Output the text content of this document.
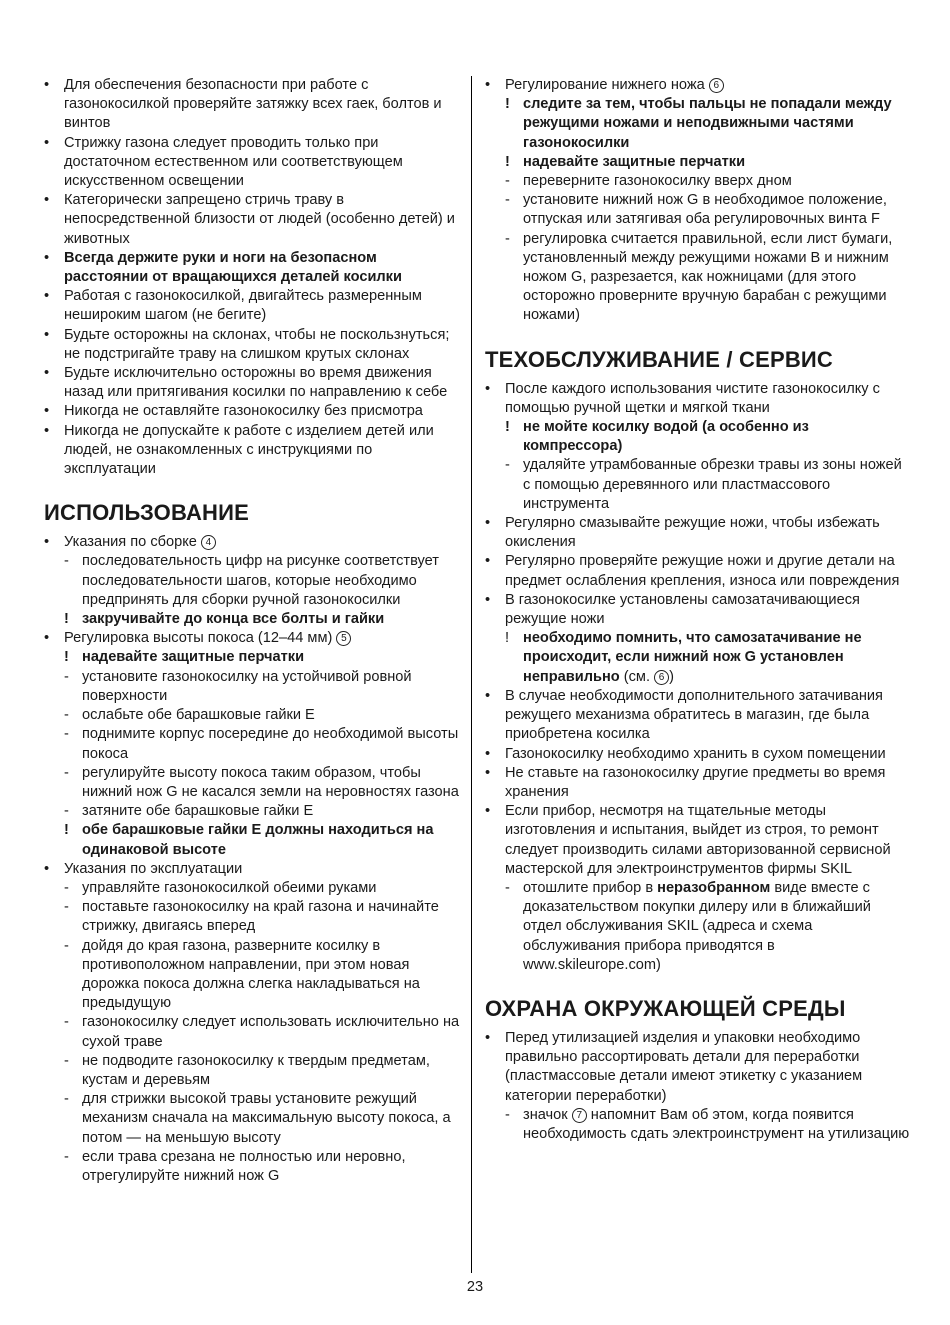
• Для обеспечения безопасности при работе с газонокосилкой проверяйте затяжку всех гаек, болтов и винтов
• Стрижку газона следует проводить только при достаточном естественном или соответствующем искусственном освещении
• Категорически запрещено стричь траву в непосредственной близости от людей (особенно детей) и животных
• Всегда держите руки и ноги на безопасном расстоянии от вращающихся деталей косилки
• Работая с газонокосилкой, двигайтесь размеренным нешироким шагом (не бегите)
• Будьте осторожны на склонах, чтобы не поскользнуться; не подстригайте траву на слишком крутых склонах
• Будьте исключительно осторожны во время движения назад или притягивания косилки по направлению к себе
• Никогда не оставляйте газонокосилку без присмотра
• Никогда не допускайте к работе с изделием детей или людей, не ознакомленных с инструкциями по эксплуатации
ИСПОЛЬЗОВАНИЕ
• Указания по сборке 4
- последовательность цифр на рисунке соответствует последовательности шагов, которые необходимо предпринять для сборки ручной газонокосилки
! закручивайте до конца все болты и гайки
• Регулировка высоты покоса (12–44 мм) 5
! надевайте защитные перчатки
- установите газонокосилку на устойчивой ровной поверхности
- ослабьте обе барашковые гайки E
- поднимите корпус посередине до необходимой высоты покоса
- регулируйте высоту покоса таким образом, чтобы нижний нож G не касался земли на неровностях газона
- затяните обе барашковые гайки E
! обе барашковые гайки E должны находиться на одинаковой высоте
• Указания по эксплуатации
- управляйте газонокосилкой обеими руками
- поставьте газонокосилку на край газона и начинайте стрижку, двигаясь вперед
- дойдя до края газона, разверните косилку в противоположном направлении, при этом новая дорожка покоса должна слегка накладываться на предыдущую
- газонокосилку следует использовать исключительно на сухой траве
- не подводите газонокосилку к твердым предметам, кустам и деревьям
- для стрижки высокой травы установите режущий механизм сначала на максимальную высоту покоса, а потом — на меньшую высоту
- если трава срезана не полностью или неровно, отрегулируйте нижний нож G
• Регулирование нижнего ножа 6
! следите за тем, чтобы пальцы не попадали между режущими ножами и неподвижными частями газонокосилки
! надевайте защитные перчатки
- переверните газонокосилку вверх дном
- установите нижний нож G в необходимое положение, отпуская или затягивая оба регулировочных винта F
- регулировка считается правильной, если лист бумаги, установленный между режущими ножами B и нижним ножом G, разрезается, как ножницами (для этого осторожно проверните вручную барабан с режущими ножами)
ТЕХОБСЛУЖИВАНИЕ / СЕРВИС
• После каждого использования чистите газонокосилку с помощью ручной щетки и мягкой ткани
! не мойте косилку водой (а особенно из компрессора)
- удаляйте утрамбованные обрезки травы из зоны ножей с помощью деревянного или пластмассового инструмента
• Регулярно смазывайте режущие ножи, чтобы избежать окисления
• Регулярно проверяйте режущие ножи и другие детали на предмет ослабления крепления, износа или повреждения
• В газонокосилке установлены самозатачивающиеся режущие ножи
! необходимо помнить, что самозатачивание не происходит, если нижний нож G установлен неправильно (см. 6 )
• В случае необходимости дополнительного затачивания режущего механизма обратитесь в магазин, где была приобретена косилка
• Газонокосилку необходимо хранить в сухом помещении
• Не ставьте на газонокосилку другие предметы во время хранения
• Если прибор, несмотря на тщательные методы изготовления и испытания, выйдет из строя, то ремонт следует производить силами авторизованной сервисной мастерской для электроинструментов фирмы SKIL
- отошлите прибор в неразобранном виде вместе с доказательством покупки дилеру или в ближайший отдел обслуживания SKIL (адреса и схема обслуживания прибора приводятся в www.skileurope.com)
ОХРАНА ОКРУЖАЮЩЕЙ СРЕДЫ
• Перед утилизацией изделия и упаковки необходимо правильно рассортировать детали для переработки (пластмассовые детали имеют этикетку с указанием категории переработки)
- значок 7 напомнит Вам об этом, когда появится необходимость сдать электроинструмент на утилизацию
23
